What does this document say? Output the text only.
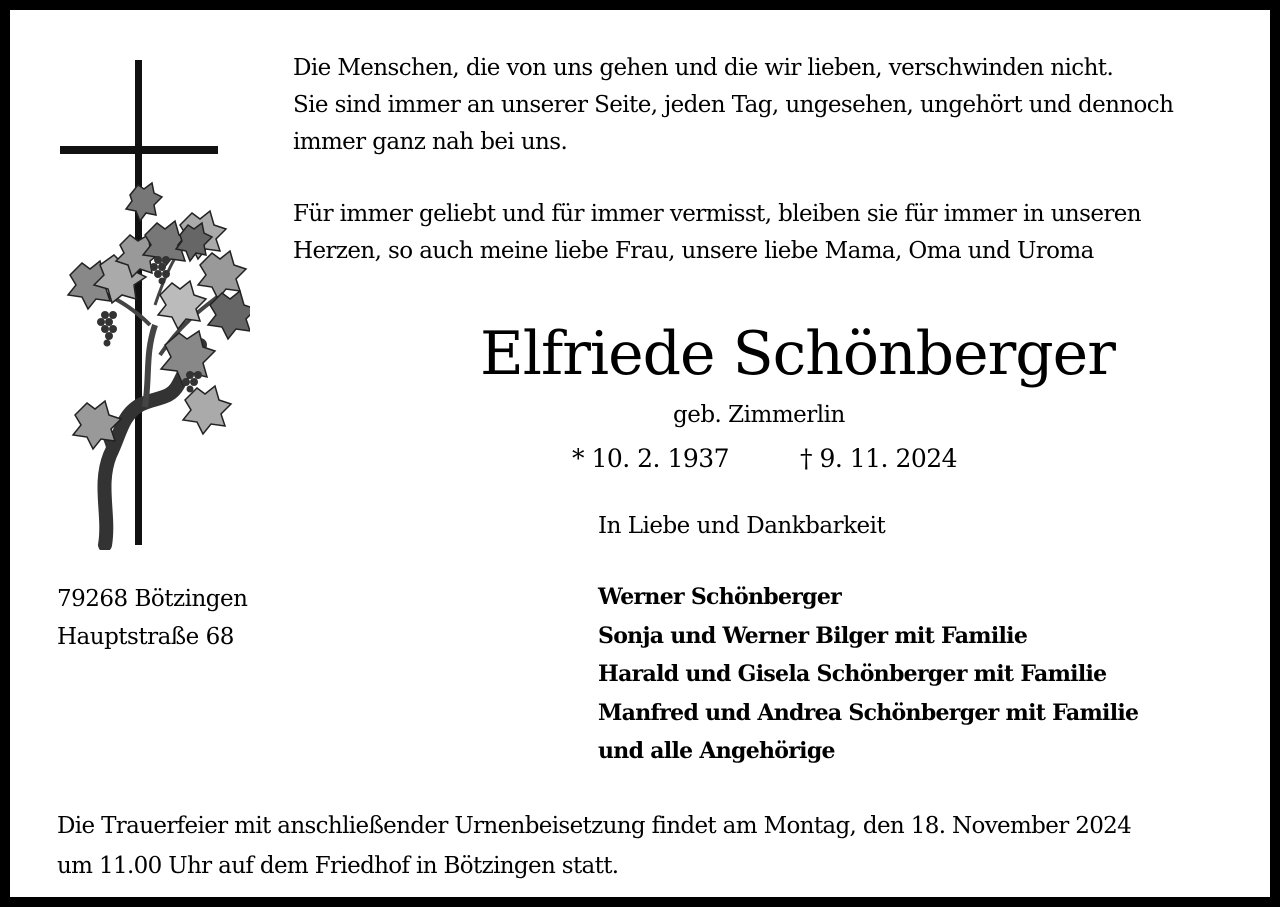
Die Menschen, die von uns gehen und die wir lieben, verschwinden nicht.
Sie sind immer an unserer Seite, jeden Tag, ungesehen, ungehört und dennoch
immer ganz nah bei uns.
Für immer geliebt und für immer vermisst, bleiben sie für immer in unseren
Herzen, so auch meine liebe Frau, unsere liebe Mama, Oma und Uroma
Elfriede Schönberger
geb. Zimmerlin
* 10. 2. 1937	† 9. 11. 2024
In Liebe und Dankbarkeit
79268 Bötzingen
Hauptstraße 68
Werner Schönberger
Sonja und Werner Bilger mit Familie
Harald und Gisela Schönberger mit Familie
Manfred und Andrea Schönberger mit Familie
und alle Angehörige
Die Trauerfeier mit anschließender Urnenbeisetzung findet am Montag, den 18. November 2024
um 11.00 Uhr auf dem Friedhof in Bötzingen statt.
